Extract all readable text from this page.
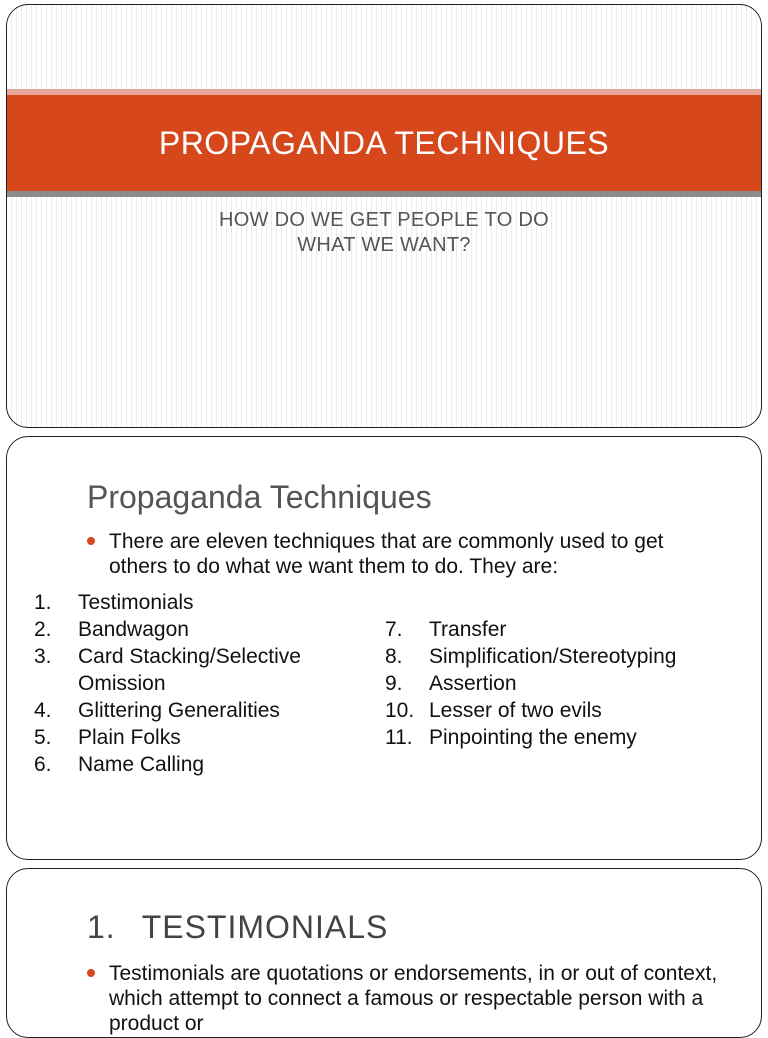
PROPAGANDA TECHNIQUES
HOW DO WE GET PEOPLE TO DO
WHAT WE WANT?
Propaganda Techniques
There are eleven techniques that are commonly used to get others to do what we want them to do. They are:
1. Testimonials
2. Bandwagon
3. Card Stacking/Selective Omission
4. Glittering Generalities
5. Plain Folks
6. Name Calling
7. Transfer
8. Simplification/Stereotyping
9. Assertion
10. Lesser of two evils
11. Pinpointing the enemy
1. TESTIMONIALS
Testimonials are quotations or endorsements, in or out of context, which attempt to connect a famous or respectable person with a product or
